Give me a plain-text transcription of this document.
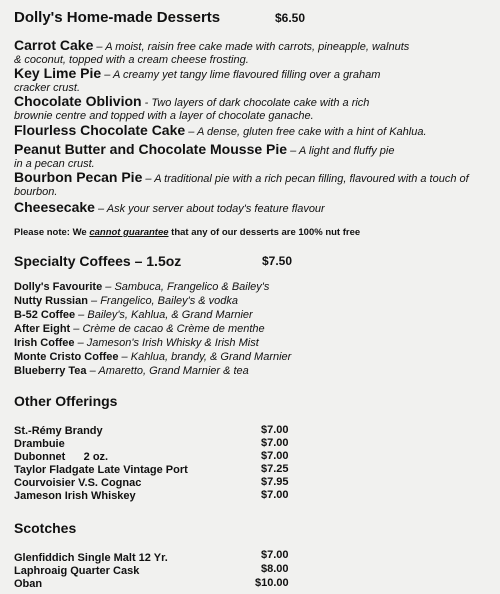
Dolly's Home-made Desserts	$6.50
Carrot Cake – A moist, raisin free cake made with carrots, pineapple, walnuts
& coconut, topped with a cream cheese frosting.
Key Lime Pie – A creamy yet tangy lime flavoured filling over a graham
cracker crust.
Chocolate Oblivion - Two layers of dark chocolate cake with a rich
brownie centre and topped with a layer of chocolate ganache.
Flourless Chocolate Cake – A dense, gluten free cake with a hint of Kahlua.
Peanut Butter and Chocolate Mousse Pie – A light and fluffy pie
in a pecan crust.
Bourbon Pecan Pie – A traditional pie with a rich pecan filling, flavoured with a touch of
bourbon.
Cheesecake – Ask your server about today's feature flavour
Please note: We cannot guarantee that any of our desserts are 100% nut free
Specialty Coffees – 1.5oz	$7.50
Dolly's Favourite – Sambuca, Frangelico & Bailey's
Nutty Russian – Frangelico, Bailey's & vodka
B-52 Coffee – Bailey's, Kahlua, & Grand Marnier
After Eight – Crème de cacao & Crème de menthe
Irish Coffee – Jameson's Irish Whisky & Irish Mist
Monte Cristo Coffee – Kahlua, brandy, & Grand Marnier
Blueberry Tea – Amaretto, Grand Marnier & tea
Other Offerings
St.-Rémy Brandy	$7.00
Drambuie	$7.00
Dubonnet      2 oz.	$7.00
Taylor Fladgate Late Vintage Port	$7.25
Courvoisier V.S. Cognac	$7.95
Jameson Irish Whiskey	$7.00
Scotches
Glenfiddich Single Malt 12 Yr.	$7.00
Laphroaig Quarter Cask	$8.00
Oban	$10.00
